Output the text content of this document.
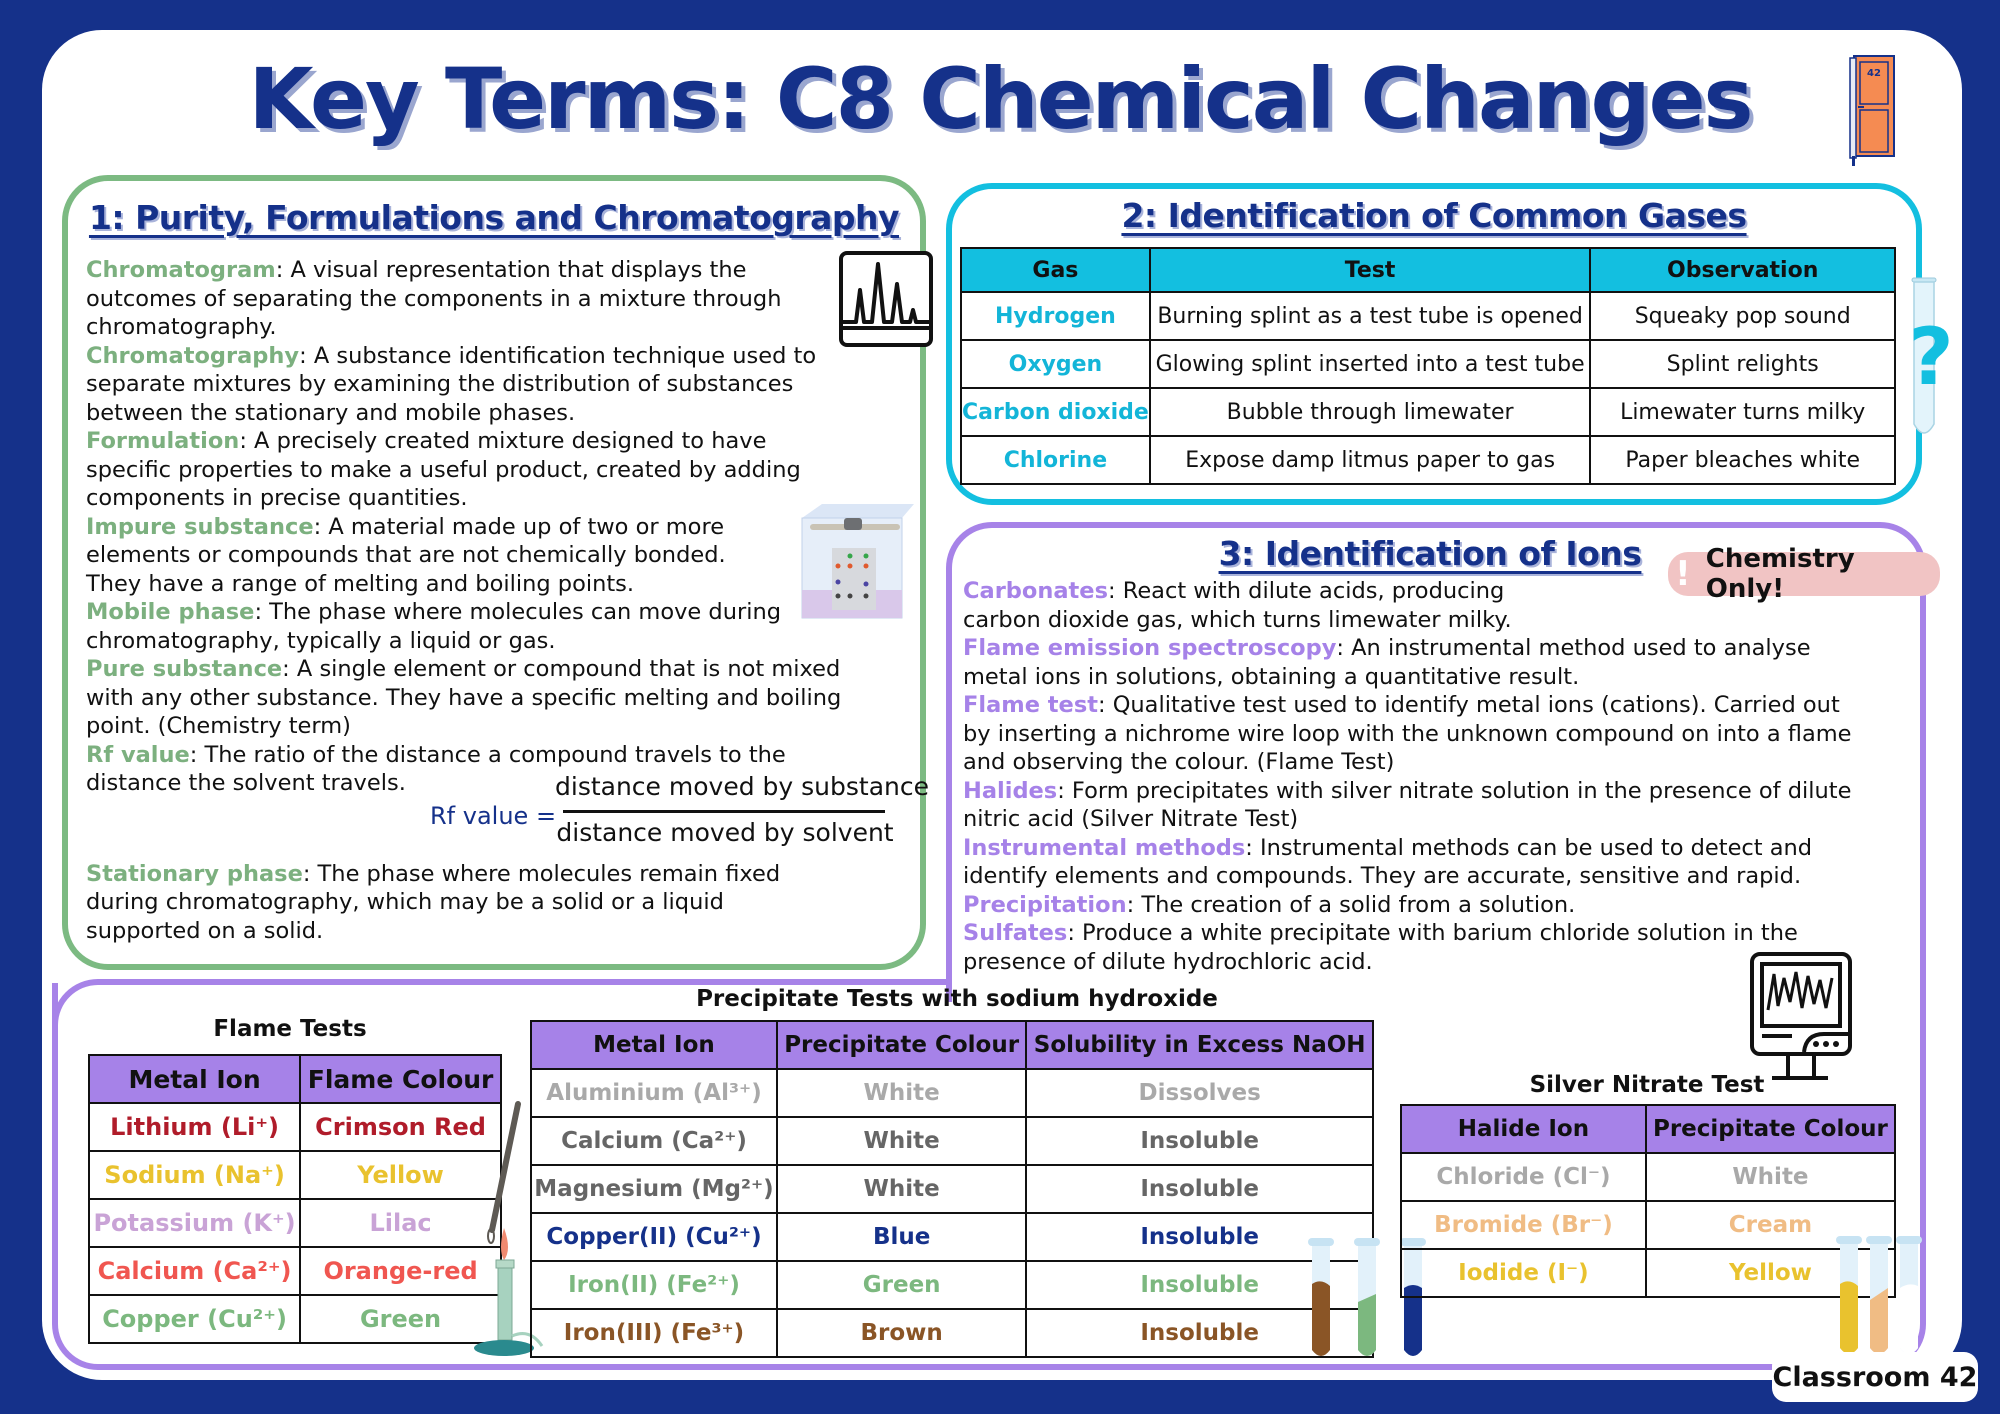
Key Terms: C8 Chemical Changes	42
1: Purity, Formulations and Chromatography

Chromatogram: A visual representation that displays the outcomes of separating the components in a mixture through chromatography.

Chromatography: A substance identification technique used to separate mixtures by examining the distribution of substances between the stationary and mobile phases.

Formulation: A precisely created mixture designed to have specific properties to make a useful product, created by adding components in precise quantities.

Impure substance: A material made up of two or more elements or compounds that are not chemically bonded. They have a range of melting and boiling points.

Mobile phase: The phase where molecules can move during chromatography, typically a liquid or gas.

Pure substance: A single element or compound that is not mixed with any other substance. They have a specific melting and boiling point. (Chemistry term)

Rf value: The ratio of the distance a compound travels to the distance the solvent travels.

Stationary phase: The phase where molecules remain fixed during chromatography, which may be a solid or a liquid supported on a solid.

Rf value =
distance moved by substance
distance moved by solvent
2: Identification of Common Gases
Gas	Test	Observation
Hydrogen	Burning splint as a test tube is opened	Squeaky pop sound
Oxygen	Glowing splint inserted into a test tube	Splint relights
Carbon dioxide	Bubble through limewater	Limewater turns milky
Chlorine	Expose damp litmus paper to gas	Paper bleaches white
?
3: Identification of Ions
! Chemistry Only!

Carbonates: React with dilute acids, producing
carbon dioxide gas, which turns limewater milky.

Flame emission spectroscopy: An instrumental method used to analyse metal ions in solutions, obtaining a quantitative result.

Flame test: Qualitative test used to identify metal ions (cations). Carried out by inserting a nichrome wire loop with the unknown compound on into a flame and observing the colour. (Flame Test)

Halides: Form precipitates with silver nitrate solution in the presence of dilute nitric acid (Silver Nitrate Test)

Instrumental methods: Instrumental methods can be used to detect and identify elements and compounds. They are accurate, sensitive and rapid.

Precipitation: The creation of a solid from a solution.

Sulfates: Produce a white precipitate with barium chloride solution in the presence of dilute hydrochloric acid.

Flame Tests
Metal Ion	Flame Colour
Lithium (Li⁺)	Crimson Red
Sodium (Na⁺)	Yellow
Potassium (K⁺)	Lilac
Calcium (Ca²⁺)	Orange-red
Copper (Cu²⁺)	Green
Precipitate Tests with sodium hydroxide
Metal Ion	Precipitate Colour	Solubility in Excess NaOH
Aluminium (Al³⁺)	White	Dissolves
Calcium (Ca²⁺)	White	Insoluble
Magnesium (Mg²⁺)	White	Insoluble
Copper(II) (Cu²⁺)	Blue	Insoluble
Iron(II) (Fe²⁺)	Green	Insoluble
Iron(III) (Fe³⁺)	Brown	Insoluble
Silver Nitrate Test
Halide Ion	Precipitate Colour
Chloride (Cl⁻)	White
Bromide (Br⁻)	Cream
Iodide (I⁻)	Yellow
Classroom 42
